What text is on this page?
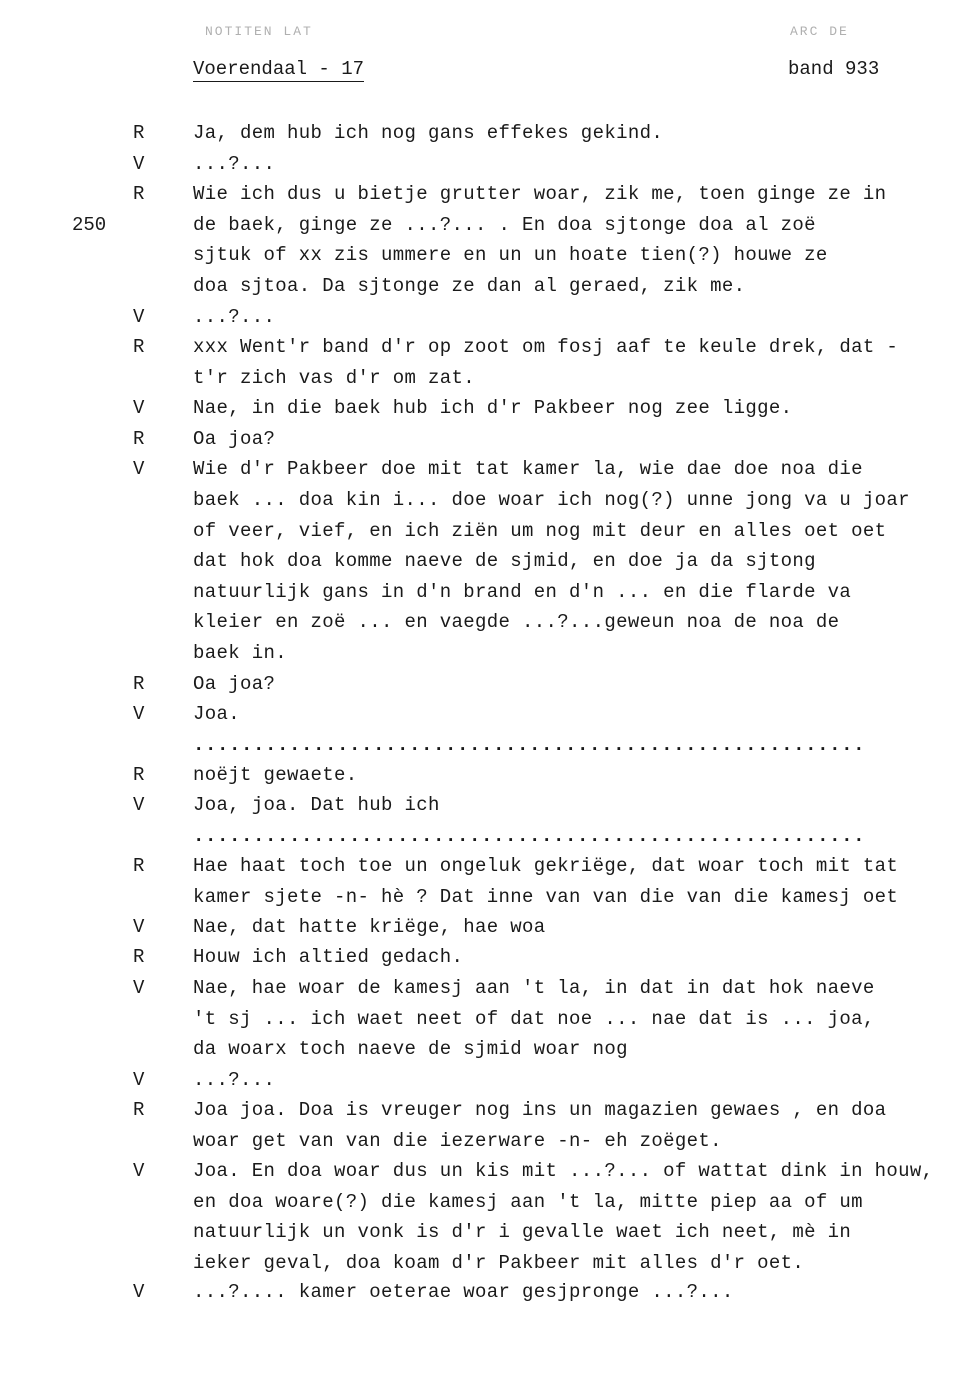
NOTITEN LAT	ARC DE
Voerendaal - 17	band 933
250
R
V
R
V
R
V
R
V
R
V
R
V
R
V
R
V
V
R
V
V
Ja, dem hub ich nog gans effekes gekind.
...?...
Wie ich dus u bietje grutter woar, zik me, toen ginge ze in
de baek, ginge ze ...?... . En doa sjtonge doa al zoë
sjtuk of xx zis ummere en un un hoate tien(?) houwe ze
doa sjtoa. Da sjtonge ze dan al geraed, zik me.
...?...
xxx Went'r band d'r op zoot om fosj aaf te keule drek, dat -
t'r zich vas d'r om zat.
Nae, in die baek hub ich d'r Pakbeer nog zee ligge.
Oa joa?
Wie d'r Pakbeer doe mit tat kamer la, wie dae doe noa die
baek ... doa kin i... doe woar ich nog(?) unne jong va u joar
of veer, vief, en ich ziën um nog mit deur en alles oet oet
dat hok doa komme naeve de sjmid, en doe ja da sjtong
natuurlijk gans in d'n brand en d'n ... en die flarde va
kleier en zoë ... en vaegde ...?...geweun noa de noa de
baek in.
Oa joa?
Joa.
........................................................
noëjt gewaete.
Joa, joa. Dat hub ich
........................................................
Hae haat toch toe un ongeluk gekriëge, dat woar toch mit tat
kamer sjete -n- hè ? Dat inne van van die van die kamesj oet
Nae, dat hatte kriëge, hae woa
Houw ich altied gedach.
Nae, hae woar de kamesj aan 't la, in dat in dat hok naeve
't sj ... ich waet neet of dat noe ... nae dat is ... joa,
da woarx toch naeve de sjmid woar nog
...?...
Joa joa. Doa is vreuger nog ins un magazien gewaes , en doa
woar get van van die iezerware -n- eh zoëget.
Joa. En doa woar dus un kis mit ...?... of wattat dink in houw,
en doa woare(?) die kamesj aan 't la, mitte piep aa of um
natuurlijk un vonk is d'r i gevalle waet ich neet, mè in
ieker geval, doa koam d'r Pakbeer mit alles d'r oet.
...?.... kamer oeterae woar gesjpronge ...?...
